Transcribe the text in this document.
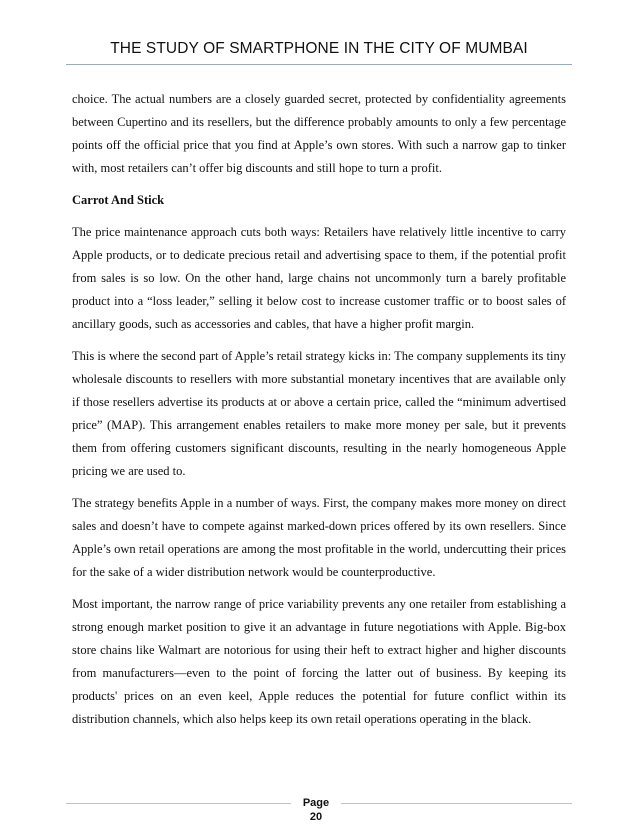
THE STUDY OF SMARTPHONE IN THE CITY OF MUMBAI

choice. The actual numbers are a closely guarded secret, protected by confidentiality agreements between Cupertino and its resellers, but the difference probably amounts to only a few percentage points off the official price that you find at Apple’s own stores. With such a narrow gap to tinker with, most retailers can’t offer big discounts and still hope to turn a profit.

Carrot And Stick

The price maintenance approach cuts both ways: Retailers have relatively little incentive to carry Apple products, or to dedicate precious retail and advertising space to them, if the potential profit from sales is so low. On the other hand, large chains not uncommonly turn a barely profitable product into a “loss leader,” selling it below cost to increase customer traffic or to boost sales of ancillary goods, such as accessories and cables, that have a higher profit margin.

This is where the second part of Apple’s retail strategy kicks in: The company supplements its tiny wholesale discounts to resellers with more substantial monetary incentives that are available only if those resellers advertise its products at or above a certain price, called the “minimum advertised price” (MAP). This arrangement enables retailers to make more money per sale, but it prevents them from offering customers significant discounts, resulting in the nearly homogeneous Apple pricing we are used to.

The strategy benefits Apple in a number of ways. First, the company makes more money on direct sales and doesn’t have to compete against marked-down prices offered by its own resellers. Since Apple’s own retail operations are among the most profitable in the world, undercutting their prices for the sake of a wider distribution network would be counterproductive.

Most important, the narrow range of price variability prevents any one retailer from establishing a strong enough market position to give it an advantage in future negotiations with Apple. Big-box store chains like Walmart are notorious for using their heft to extract higher and higher discounts from manufacturers—even to the point of forcing the latter out of business. By keeping its products' prices on an even keel, Apple reduces the potential for future conflict within its distribution channels, which also helps keep its own retail operations operating in the black.

Page
20
